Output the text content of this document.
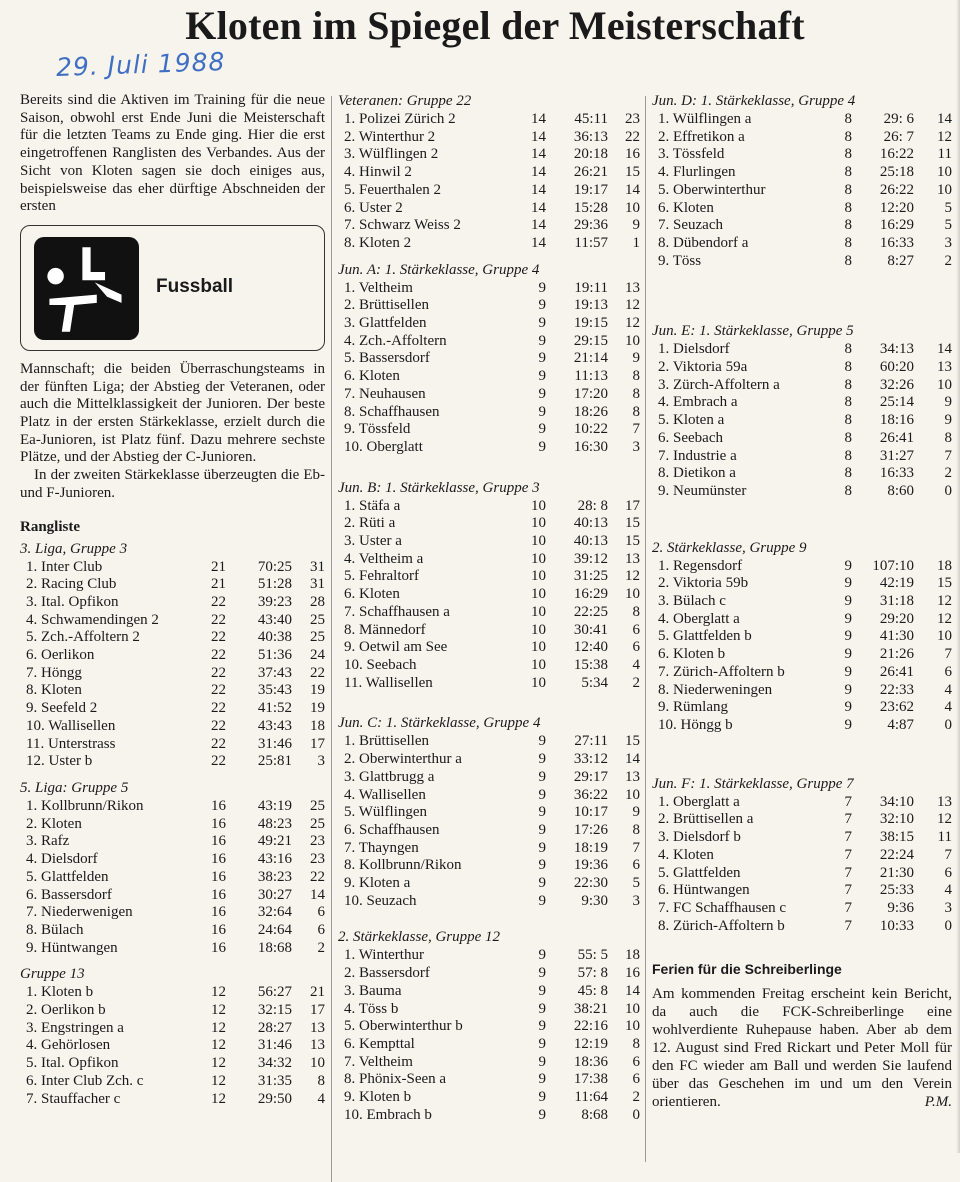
Kloten im Spiegel der Meisterschaft
29. Juli 1988

Bereits sind die Aktiven im Training für die neue Saison, obwohl erst Ende Juni die Meisterschaft für die letzten Teams zu Ende ging. Hier die erst eingetroffenen Ranglisten des Verbandes. Aus der Sicht von Kloten sagen sie doch einiges aus, beispielsweise das eher dürftige Abschneiden der ersten

Fussball

Mannschaft; die beiden Überraschungsteams in der fünften Liga; der Abstieg der Veteranen, oder auch die Mittelklassigkeit der Junioren. Der beste Platz in der ersten Stärkeklasse, erzielt durch die Ea-Junioren, ist Platz fünf. Dazu mehrere sechste Plätze, und der Abstieg der C-Junioren.

In der zweiten Stärkeklasse überzeugten die Eb- und F-Junioren.

Rangliste
3. Liga, Gruppe 3
1. Inter Club	21	70:25	31
2. Racing Club	21	51:28	31
3. Ital. Opfikon	22	39:23	28
4. Schwamendingen 2	22	43:40	25
5. Zch.-Affoltern 2	22	40:38	25
6. Oerlikon	22	51:36	24
7. Höngg	22	37:43	22
8. Kloten	22	35:43	19
9. Seefeld 2	22	41:52	19
10. Wallisellen	22	43:43	18
11. Unterstrass	22	31:46	17
12. Uster b	22	25:81	3
5. Liga: Gruppe 5
1. Kollbrunn/Rikon	16	43:19	25
2. Kloten	16	48:23	25
3. Rafz	16	49:21	23
4. Dielsdorf	16	43:16	23
5. Glattfelden	16	38:23	22
6. Bassersdorf	16	30:27	14
7. Niederwenigen	16	32:64	6
8. Bülach	16	24:64	6
9. Hüntwangen	16	18:68	2
Gruppe 13
1. Kloten b	12	56:27	21
2. Oerlikon b	12	32:15	17
3. Engstringen a	12	28:27	13
4. Gehörlosen	12	31:46	13
5. Ital. Opfikon	12	34:32	10
6. Inter Club Zch. c	12	31:35	8
7. Stauffacher c	12	29:50	4
Veteranen: Gruppe 22
1. Polizei Zürich 2	14	45:11	23
2. Winterthur 2	14	36:13	22
3. Wülflingen 2	14	20:18	16
4. Hinwil 2	14	26:21	15
5. Feuerthalen 2	14	19:17	14
6. Uster 2	14	15:28	10
7. Schwarz Weiss 2	14	29:36	9
8. Kloten 2	14	11:57	1
Jun. A: 1. Stärkeklasse, Gruppe 4
1. Veltheim	9	19:11	13
2. Brüttisellen	9	19:13	12
3. Glattfelden	9	19:15	12
4. Zch.-Affoltern	9	29:15	10
5. Bassersdorf	9	21:14	9
6. Kloten	9	11:13	8
7. Neuhausen	9	17:20	8
8. Schaffhausen	9	18:26	8
9. Tössfeld	9	10:22	7
10. Oberglatt	9	16:30	3
Jun. B: 1. Stärkeklasse, Gruppe 3
1. Stäfa a	10	28: 8	17
2. Rüti a	10	40:13	15
3. Uster a	10	40:13	15
4. Veltheim a	10	39:12	13
5. Fehraltorf	10	31:25	12
6. Kloten	10	16:29	10
7. Schaffhausen a	10	22:25	8
8. Männedorf	10	30:41	6
9. Oetwil am See	10	12:40	6
10. Seebach	10	15:38	4
11. Wallisellen	10	5:34	2
Jun. C: 1. Stärkeklasse, Gruppe 4
1. Brüttisellen	9	27:11	15
2. Oberwinterthur a	9	33:12	14
3. Glattbrugg a	9	29:17	13
4. Wallisellen	9	36:22	10
5. Wülflingen	9	10:17	9
6. Schaffhausen	9	17:26	8
7. Thayngen	9	18:19	7
8. Kollbrunn/Rikon	9	19:36	6
9. Kloten a	9	22:30	5
10. Seuzach	9	9:30	3
2. Stärkeklasse, Gruppe 12
1. Winterthur	9	55: 5	18
2. Bassersdorf	9	57: 8	16
3. Bauma	9	45: 8	14
4. Töss b	9	38:21	10
5. Oberwinterthur b	9	22:16	10
6. Kempttal	9	12:19	8
7. Veltheim	9	18:36	6
8. Phönix-Seen a	9	17:38	6
9. Kloten b	9	11:64	2
10. Embrach b	9	8:68	0
Jun. D: 1. Stärkeklasse, Gruppe 4
1. Wülflingen a	8	29: 6	14
2. Effretikon a	8	26: 7	12
3. Tössfeld	8	16:22	11
4. Flurlingen	8	25:18	10
5. Oberwinterthur	8	26:22	10
6. Kloten	8	12:20	5
7. Seuzach	8	16:29	5
8. Dübendorf a	8	16:33	3
9. Töss	8	8:27	2
Jun. E: 1. Stärkeklasse, Gruppe 5
1. Dielsdorf	8	34:13	14
2. Viktoria 59a	8	60:20	13
3. Zürch-Affoltern a	8	32:26	10
4. Embrach a	8	25:14	9
5. Kloten a	8	18:16	9
6. Seebach	8	26:41	8
7. Industrie a	8	31:27	7
8. Dietikon a	8	16:33	2
9. Neumünster	8	8:60	0
2. Stärkeklasse, Gruppe 9
1. Regensdorf	9	107:10	18
2. Viktoria 59b	9	42:19	15
3. Bülach c	9	31:18	12
4. Oberglatt a	9	29:20	12
5. Glattfelden b	9	41:30	10
6. Kloten b	9	21:26	7
7. Zürich-Affoltern b	9	26:41	6
8. Niederweningen	9	22:33	4
9. Rümlang	9	23:62	4
10. Höngg b	9	4:87	0
Jun. F: 1. Stärkeklasse, Gruppe 7
1. Oberglatt a	7	34:10	13
2. Brüttisellen a	7	32:10	12
3. Dielsdorf b	7	38:15	11
4. Kloten	7	22:24	7
5. Glattfelden	7	21:30	6
6. Hüntwangen	7	25:33	4
7. FC Schaffhausen c	7	9:36	3
8. Zürich-Affoltern b	7	10:33	0
Ferien für die Schreiberlinge

Am kommenden Freitag erscheint kein Bericht, da auch die FCK-Schreiberlinge eine wohlverdiente Ruhepause haben. Aber ab dem 12. August sind Fred Rickart und Peter Moll für den FC wieder am Ball und werden Sie laufend über das Geschehen im und um den Verein orientieren.	P.M.
